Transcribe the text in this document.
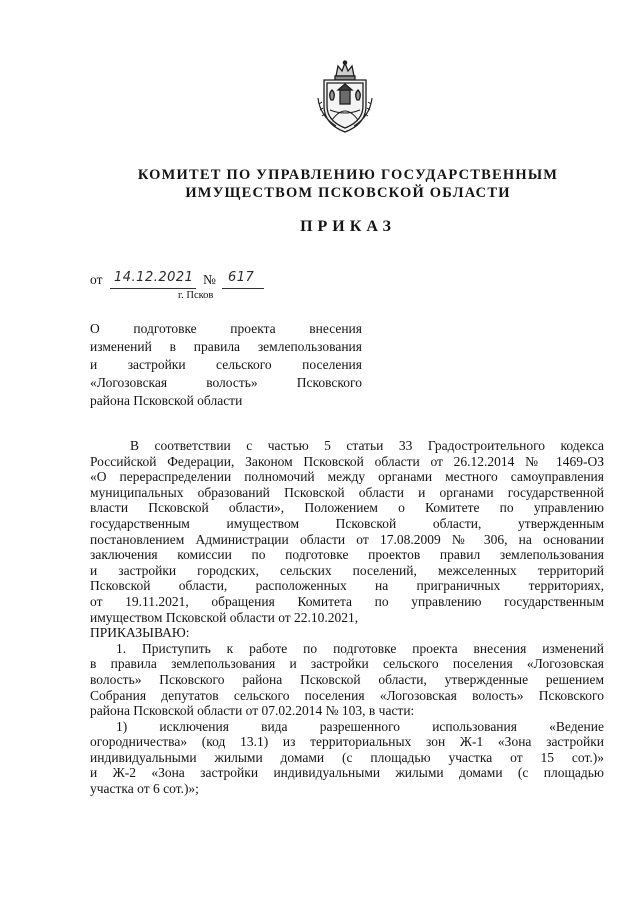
КОМИТЕТ ПО УПРАВЛЕНИЮ ГОСУДАРСТВЕННЫМ
ИМУЩЕСТВОМ ПСКОВСКОЙ ОБЛАСТИ
ПРИКАЗ
от 14.12.2021 № 617
г. Псков
О подготовке проекта внесения
изменений в правила землепользования
и застройки сельского поселения
«Логозовская волость» Псковского
района Псковской области
В соответствии с частью 5 статьи 33 Градостроительного кодекса
Российской Федерации, Законом Псковской области от 26.12.2014 № 1469-ОЗ
«О перераспределении полномочий между органами местного самоуправления
муниципальных образований Псковской области и органами государственной
власти Псковской области», Положением о Комитете по управлению
государственным имуществом Псковской области, утвержденным
постановлением Администрации области от 17.08.2009 № 306, на основании
заключения комиссии по подготовке проектов правил землепользования
и застройки городских, сельских поселений, межселенных территорий
Псковской области, расположенных на приграничных территориях,
от 19.11.2021, обращения Комитета по управлению государственным
имуществом Псковской области от 22.10.2021,
ПРИКАЗЫВАЮ:
1. Приступить к работе по подготовке проекта внесения изменений
в правила землепользования и застройки сельского поселения «Логозовская
волость» Псковского района Псковской области, утвержденные решением
Собрания депутатов сельского поселения «Логозовская волость» Псковского
района Псковской области от 07.02.2014 № 103, в части:
1) исключения вида разрешенного использования «Ведение
огородничества» (код 13.1) из территориальных зон Ж-1 «Зона застройки
индивидуальными жилыми домами (с площадью участка от 15 сот.)»
и Ж-2 «Зона застройки индивидуальными жилыми домами (с площадью
участка от 6 сот.)»;
